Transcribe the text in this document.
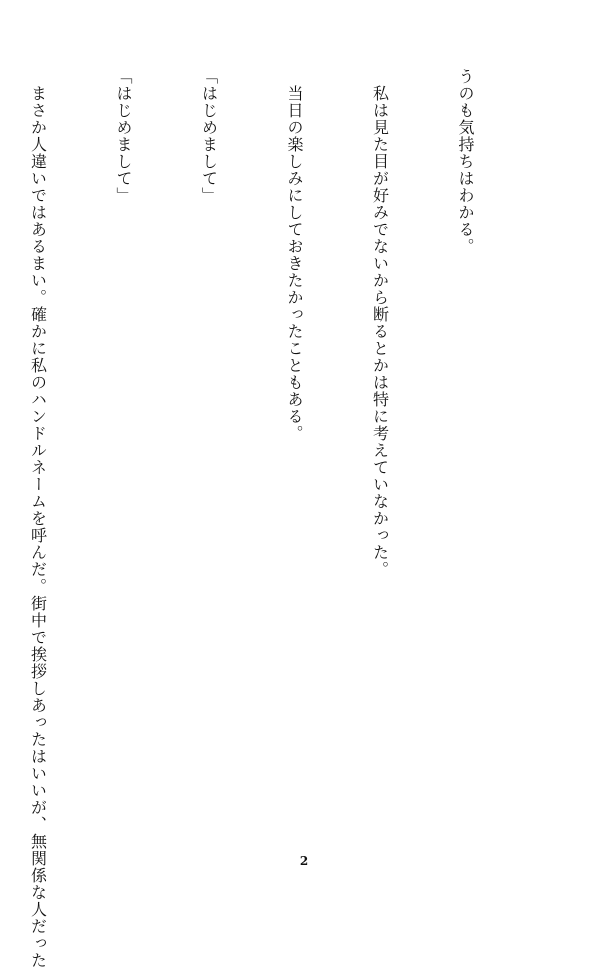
うのも気持ちはわかる。

　私は見た目が好みでないから断るとかは特に考えていなかった。

　当日の楽しみにしておきたかったこともある。

「はじめまして」

「はじめまして」

　まさか人違いではあるまい。確かに私のハンドルネームを呼んだ。街中で挨拶しあったはいいが、無関係な人だった

	2
